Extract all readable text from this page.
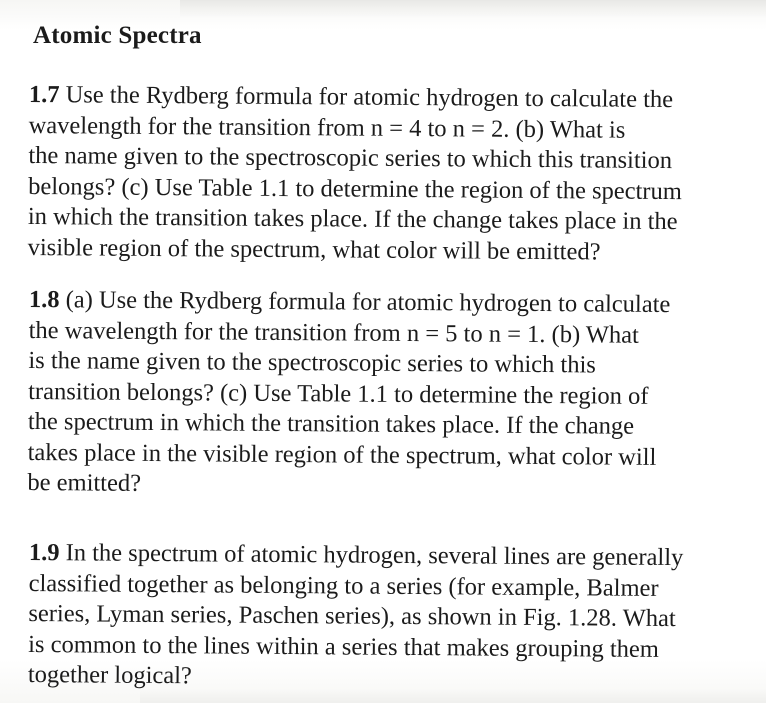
Atomic Spectra

1.7 Use the Rydberg formula for atomic hydrogen to calculate the
wavelength for the transition from n = 4 to n = 2. (b) What is
the name given to the spectroscopic series to which this transition
belongs? (c) Use Table 1.1 to determine the region of the spectrum
in which the transition takes place. If the change takes place in the
visible region of the spectrum, what color will be emitted?

1.8 (a) Use the Rydberg formula for atomic hydrogen to calculate
the wavelength for the transition from n = 5 to n = 1. (b) What
is the name given to the spectroscopic series to which this
transition belongs? (c) Use Table 1.1 to determine the region of
the spectrum in which the transition takes place. If the change
takes place in the visible region of the spectrum, what color will
be emitted?

1.9 In the spectrum of atomic hydrogen, several lines are generally
classified together as belonging to a series (for example, Balmer
series, Lyman series, Paschen series), as shown in Fig. 1.28. What
is common to the lines within a series that makes grouping them
together logical?
